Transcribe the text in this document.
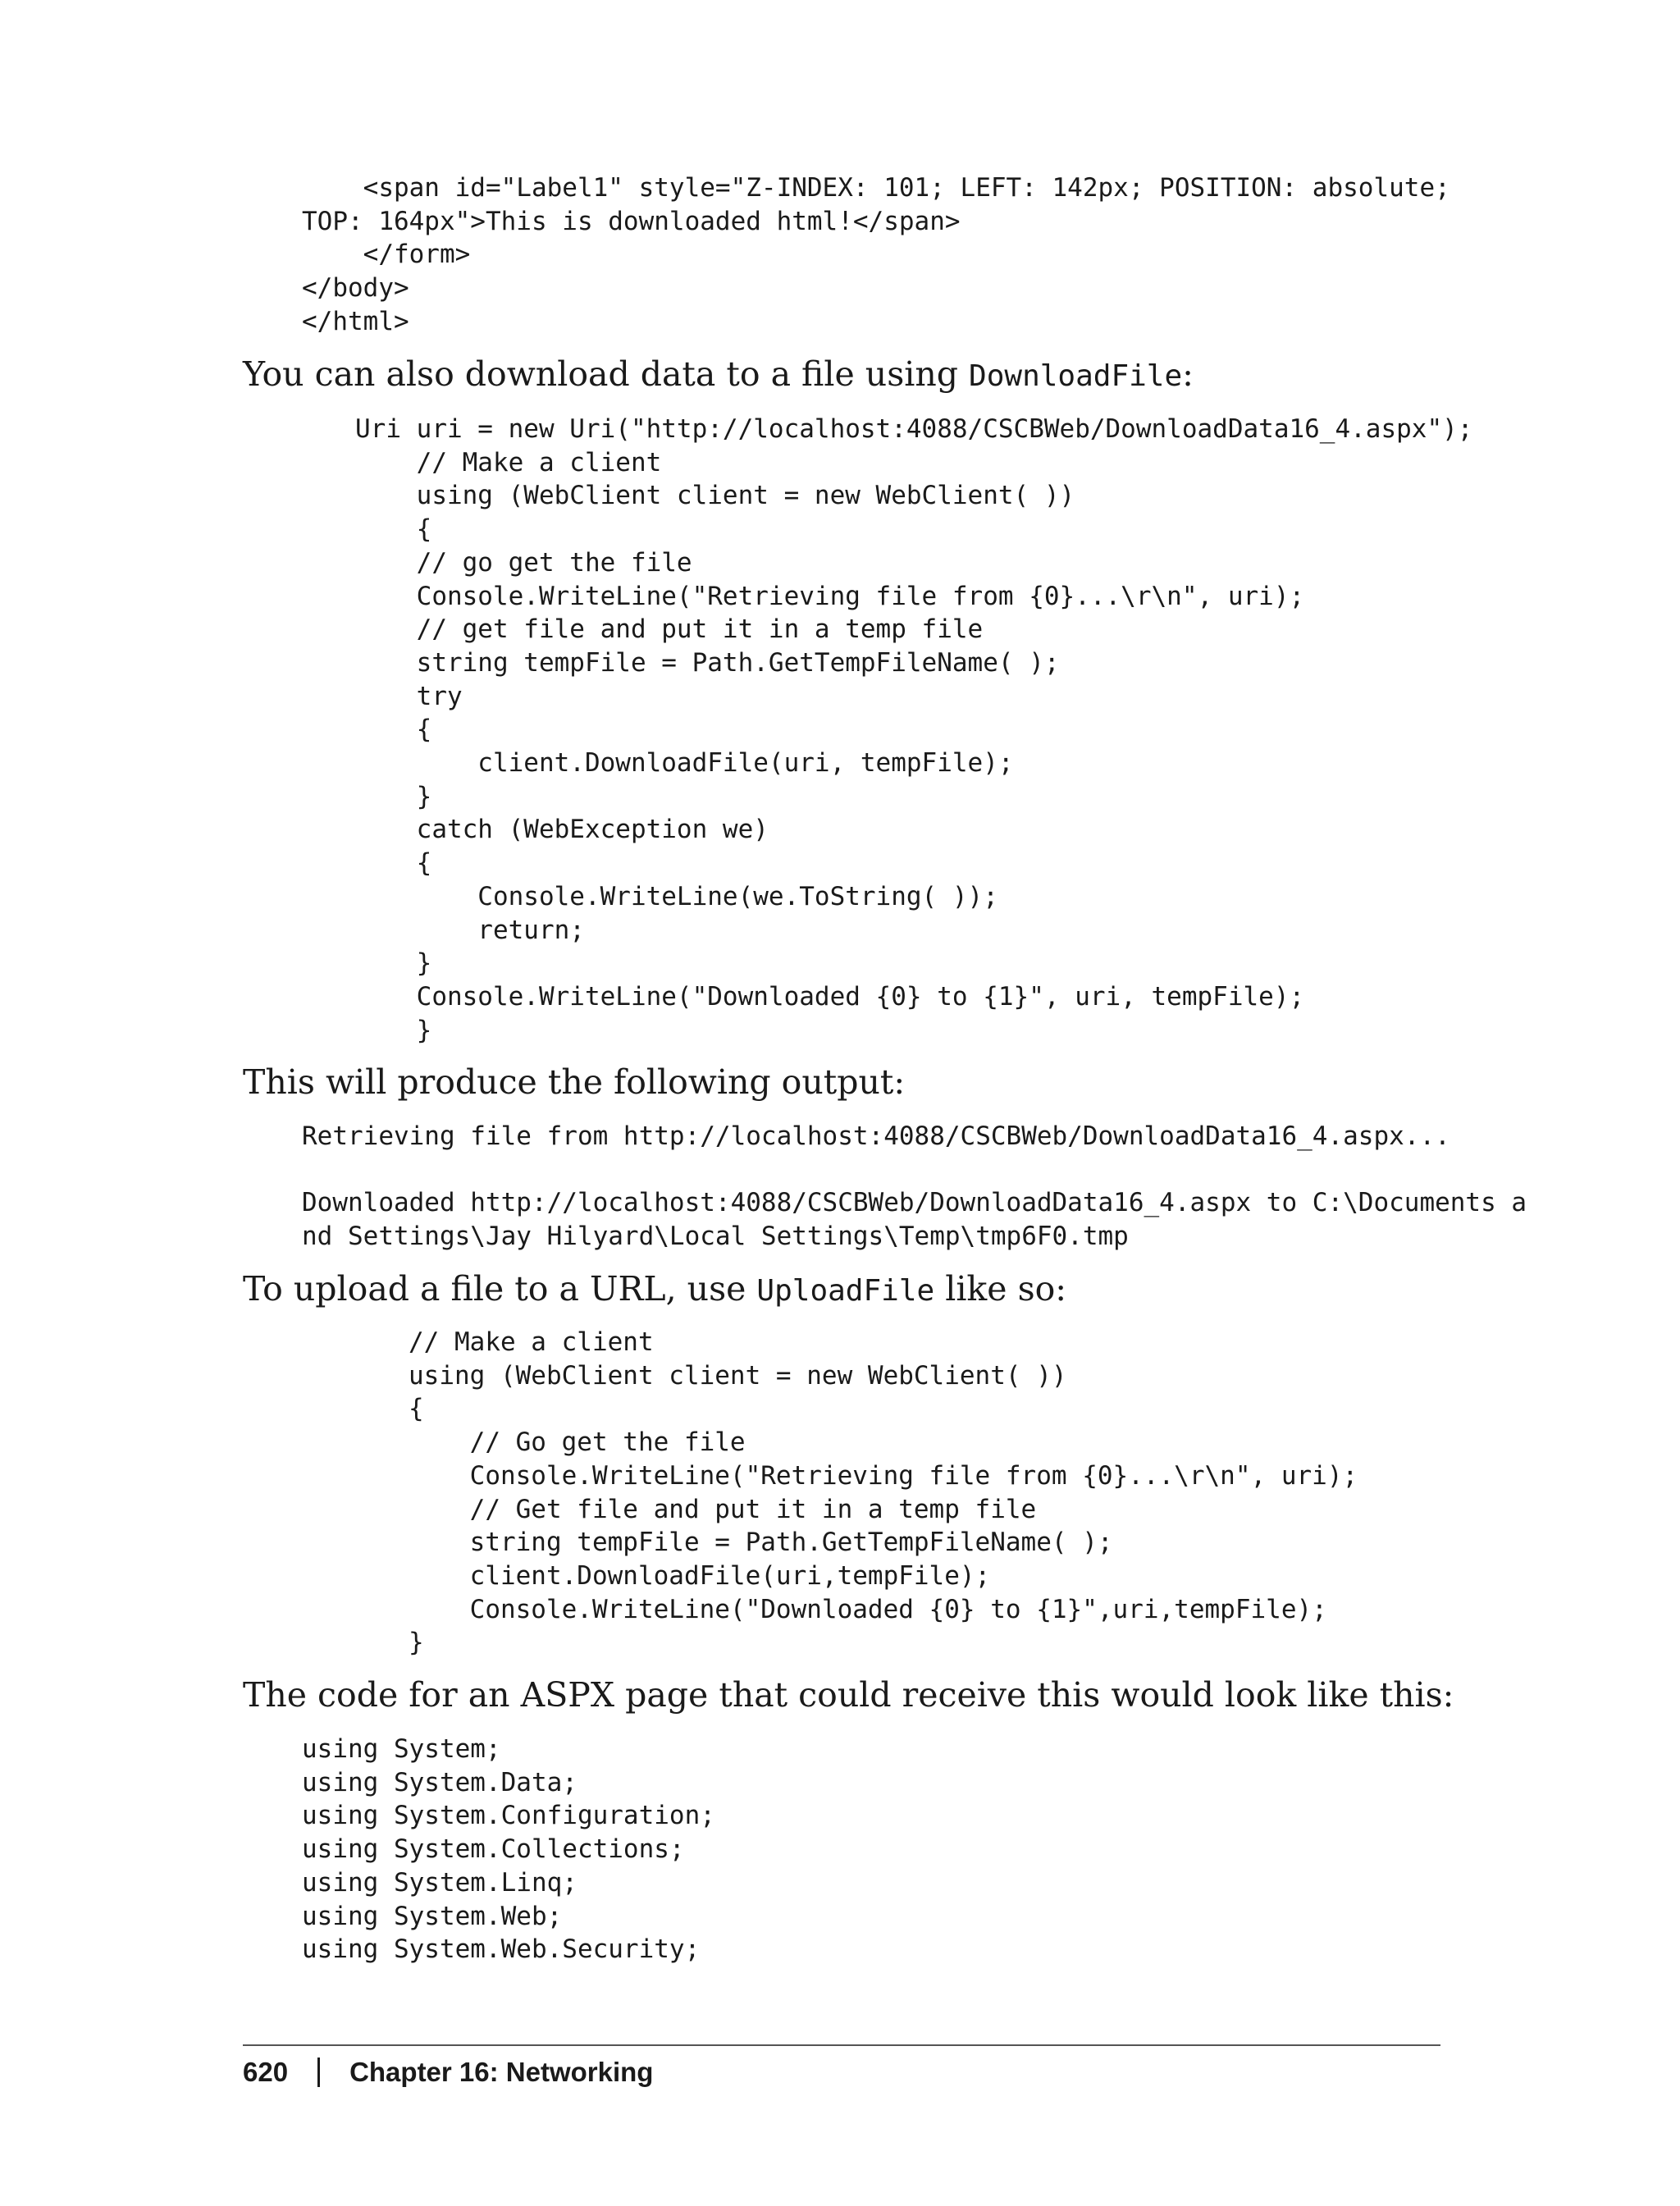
<span id="Label1" style="Z-INDEX: 101; LEFT: 142px; POSITION: absolute;
TOP: 164px">This is downloaded html!</span>
</form>
</body>
</html>

You can also download data to a file using DownloadFile:

Uri uri = new Uri("http://localhost:4088/CSCBWeb/DownloadData16_4.aspx");
// Make a client
using (WebClient client = new WebClient( ))
{
// go get the file
Console.WriteLine("Retrieving file from {0}...\r\n", uri);
// get file and put it in a temp file
string tempFile = Path.GetTempFileName( );
try
{
client.DownloadFile(uri, tempFile);
}
catch (WebException we)
{
Console.WriteLine(we.ToString( ));
return;
}
Console.WriteLine("Downloaded {0} to {1}", uri, tempFile);
}

This will produce the following output:

Retrieving file from http://localhost:4088/CSCBWeb/DownloadData16_4.aspx...

Downloaded http://localhost:4088/CSCBWeb/DownloadData16_4.aspx to C:\Documents a
nd Settings\Jay Hilyard\Local Settings\Temp\tmp6F0.tmp

To upload a file to a URL, use UploadFile like so:

// Make a client
using (WebClient client = new WebClient( ))
{
// Go get the file
Console.WriteLine("Retrieving file from {0}...\r\n", uri);
// Get file and put it in a temp file
string tempFile = Path.GetTempFileName( );
client.DownloadFile(uri,tempFile);
Console.WriteLine("Downloaded {0} to {1}",uri,tempFile);
}

The code for an ASPX page that could receive this would look like this:

using System;
using System.Data;
using System.Configuration;
using System.Collections;
using System.Linq;
using System.Web;
using System.Web.Security;
620 Chapter 16: Networking
